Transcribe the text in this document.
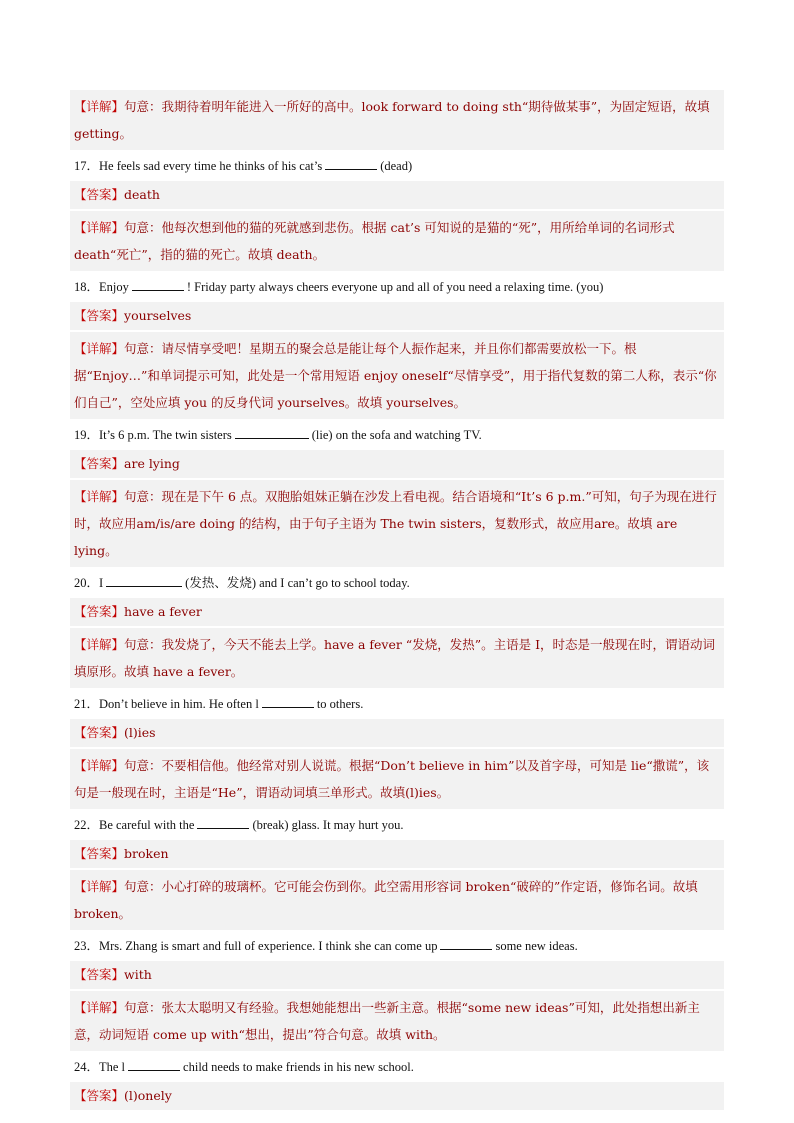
【详解】句意：我期待着明年能进入一所好的高中。look forward to doing sth“期待做某事”，为固定短语，故填 getting。
17．He feels sad every time he thinks of his cat’s	(dead)
【答案】death
【详解】句意：他每次想到他的猫的死就感到悲伤。根据 cat’s 可知说的是猫的“死”，用所给单词的名词形式 death“死亡”，指的猫的死亡。故填 death。
18．Enjoy	! Friday party always cheers everyone up and all of you need a relaxing time. (you)
【答案】yourselves
【详解】句意：请尽情享受吧！星期五的聚会总是能让每个人振作起来，并且你们都需要放松一下。根据“Enjoy…”和单词提示可知，此处是一个常用短语 enjoy oneself“尽情享受”，用于指代复数的第二人称，表示“你们自己”，空处应填 you 的反身代词 yourselves。故填 yourselves。
19．It’s 6 p.m. The twin sisters	(lie) on the sofa and watching TV.
【答案】are lying
【详解】句意：现在是下午 6 点。双胞胎姐妹正躺在沙发上看电视。结合语境和“It’s 6 p.m.”可知，句子为现在进行时，故应用am/is/are doing 的结构，由于句子主语为 The twin sisters，复数形式，故应用are。故填 are lying。
20．I	(发热、发烧) and I can’t go to school today.
【答案】have a fever
【详解】句意：我发烧了，今天不能去上学。have a fever “发烧，发热”。主语是 I，时态是一般现在时，谓语动词填原形。故填 have a fever。
21．Don’t believe in him. He often l	to others.
【答案】(l)ies
【详解】句意：不要相信他。他经常对别人说谎。根据“Don’t believe in him”以及首字母，可知是 lie“撒谎”，该句是一般现在时，主语是“He”，谓语动词填三单形式。故填(l)ies。
22．Be careful with the	(break) glass. It may hurt you.
【答案】broken
【详解】句意：小心打碎的玻璃杯。它可能会伤到你。此空需用形容词 broken“破碎的”作定语，修饰名词。故填 broken。
23．Mrs. Zhang is smart and full of experience. I think she can come up	some new ideas.
【答案】with
【详解】句意：张太太聪明又有经验。我想她能想出一些新主意。根据“some new ideas”可知，此处指想出新主意，动词短语 come up with“想出，提出”符合句意。故填 with。
24．The l	child needs to make friends in his new school.
【答案】(l)onely
